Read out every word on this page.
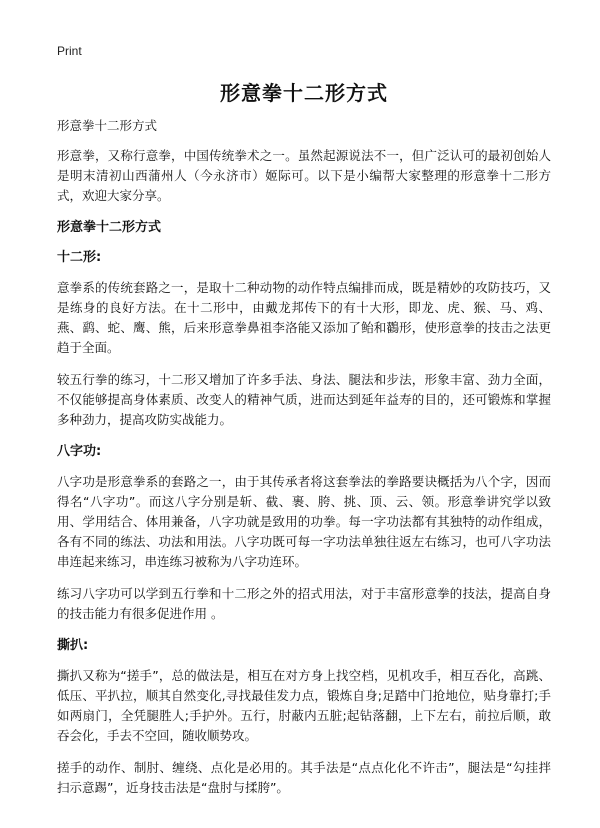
Print
形意拳十二形方式

形意拳十二形方式

形意拳，又称行意拳，中国传统拳术之一。虽然起源说法不一，但广泛认可的最初创始人是明末清初山西蒲州人（今永济市）姬际可。以下是小编帮大家整理的形意拳十二形方式，欢迎大家分享。

形意拳十二形方式
十二形:

意拳系的传统套路之一，是取十二种动物的动作特点编排而成，既是精妙的攻防技巧，又是练身的良好方法。在十二形中，由戴龙邦传下的有十大形，即龙、虎、猴、马、鸡、燕、鹞、蛇、鹰、熊，后来形意拳鼻祖李洛能又添加了鲐和鸐形，使形意拳的技击之法更趋于全面。

较五行拳的练习，十二形又增加了许多手法、身法、腿法和步法，形象丰富、劲力全面，不仅能够提高身体素质、改变人的精神气质，进而达到延年益寿的目的，还可锻炼和掌握多种劲力，提高攻防实战能力。

八字功:

八字功是形意拳系的套路之一，由于其传承者将这套拳法的拳路要诀概括为八个字，因而得名“八字功”。而这八字分别是斩、截、裹、胯、挑、顶、云、领。形意拳讲究学以致用、学用结合、体用兼备，八字功就是致用的功拳。每一字功法都有其独特的动作组成，各有不同的练法、功法和用法。八字功既可每一字功法单独往返左右练习，也可八字功法串连起来练习，串连练习被称为八字功连环。

练习八字功可以学到五行拳和十二形之外的招式用法，对于丰富形意拳的技法，提高自身的技击能力有很多促进作用 。

撕扒:

撕扒又称为“搓手”，总的做法是，相互在对方身上找空档，见机攻手，相互吞化，高跳、低压、平扒拉，顺其自然变化,寻找最佳发力点，锻炼自身;足踏中门抢地位，贴身靠打;手如两扇门，全凭腿胜人;手护外。五行，肘蔽内五脏;起钻落翻，上下左右，前拉后顺，敢吞会化，手去不空回，随收顺势攻。

搓手的动作、制肘、缠绕、点化是必用的。其手法是“点点化化不许击”，腿法是“勾挂拌扫示意踢”，近身技击法是“盘肘与揉胯”。
